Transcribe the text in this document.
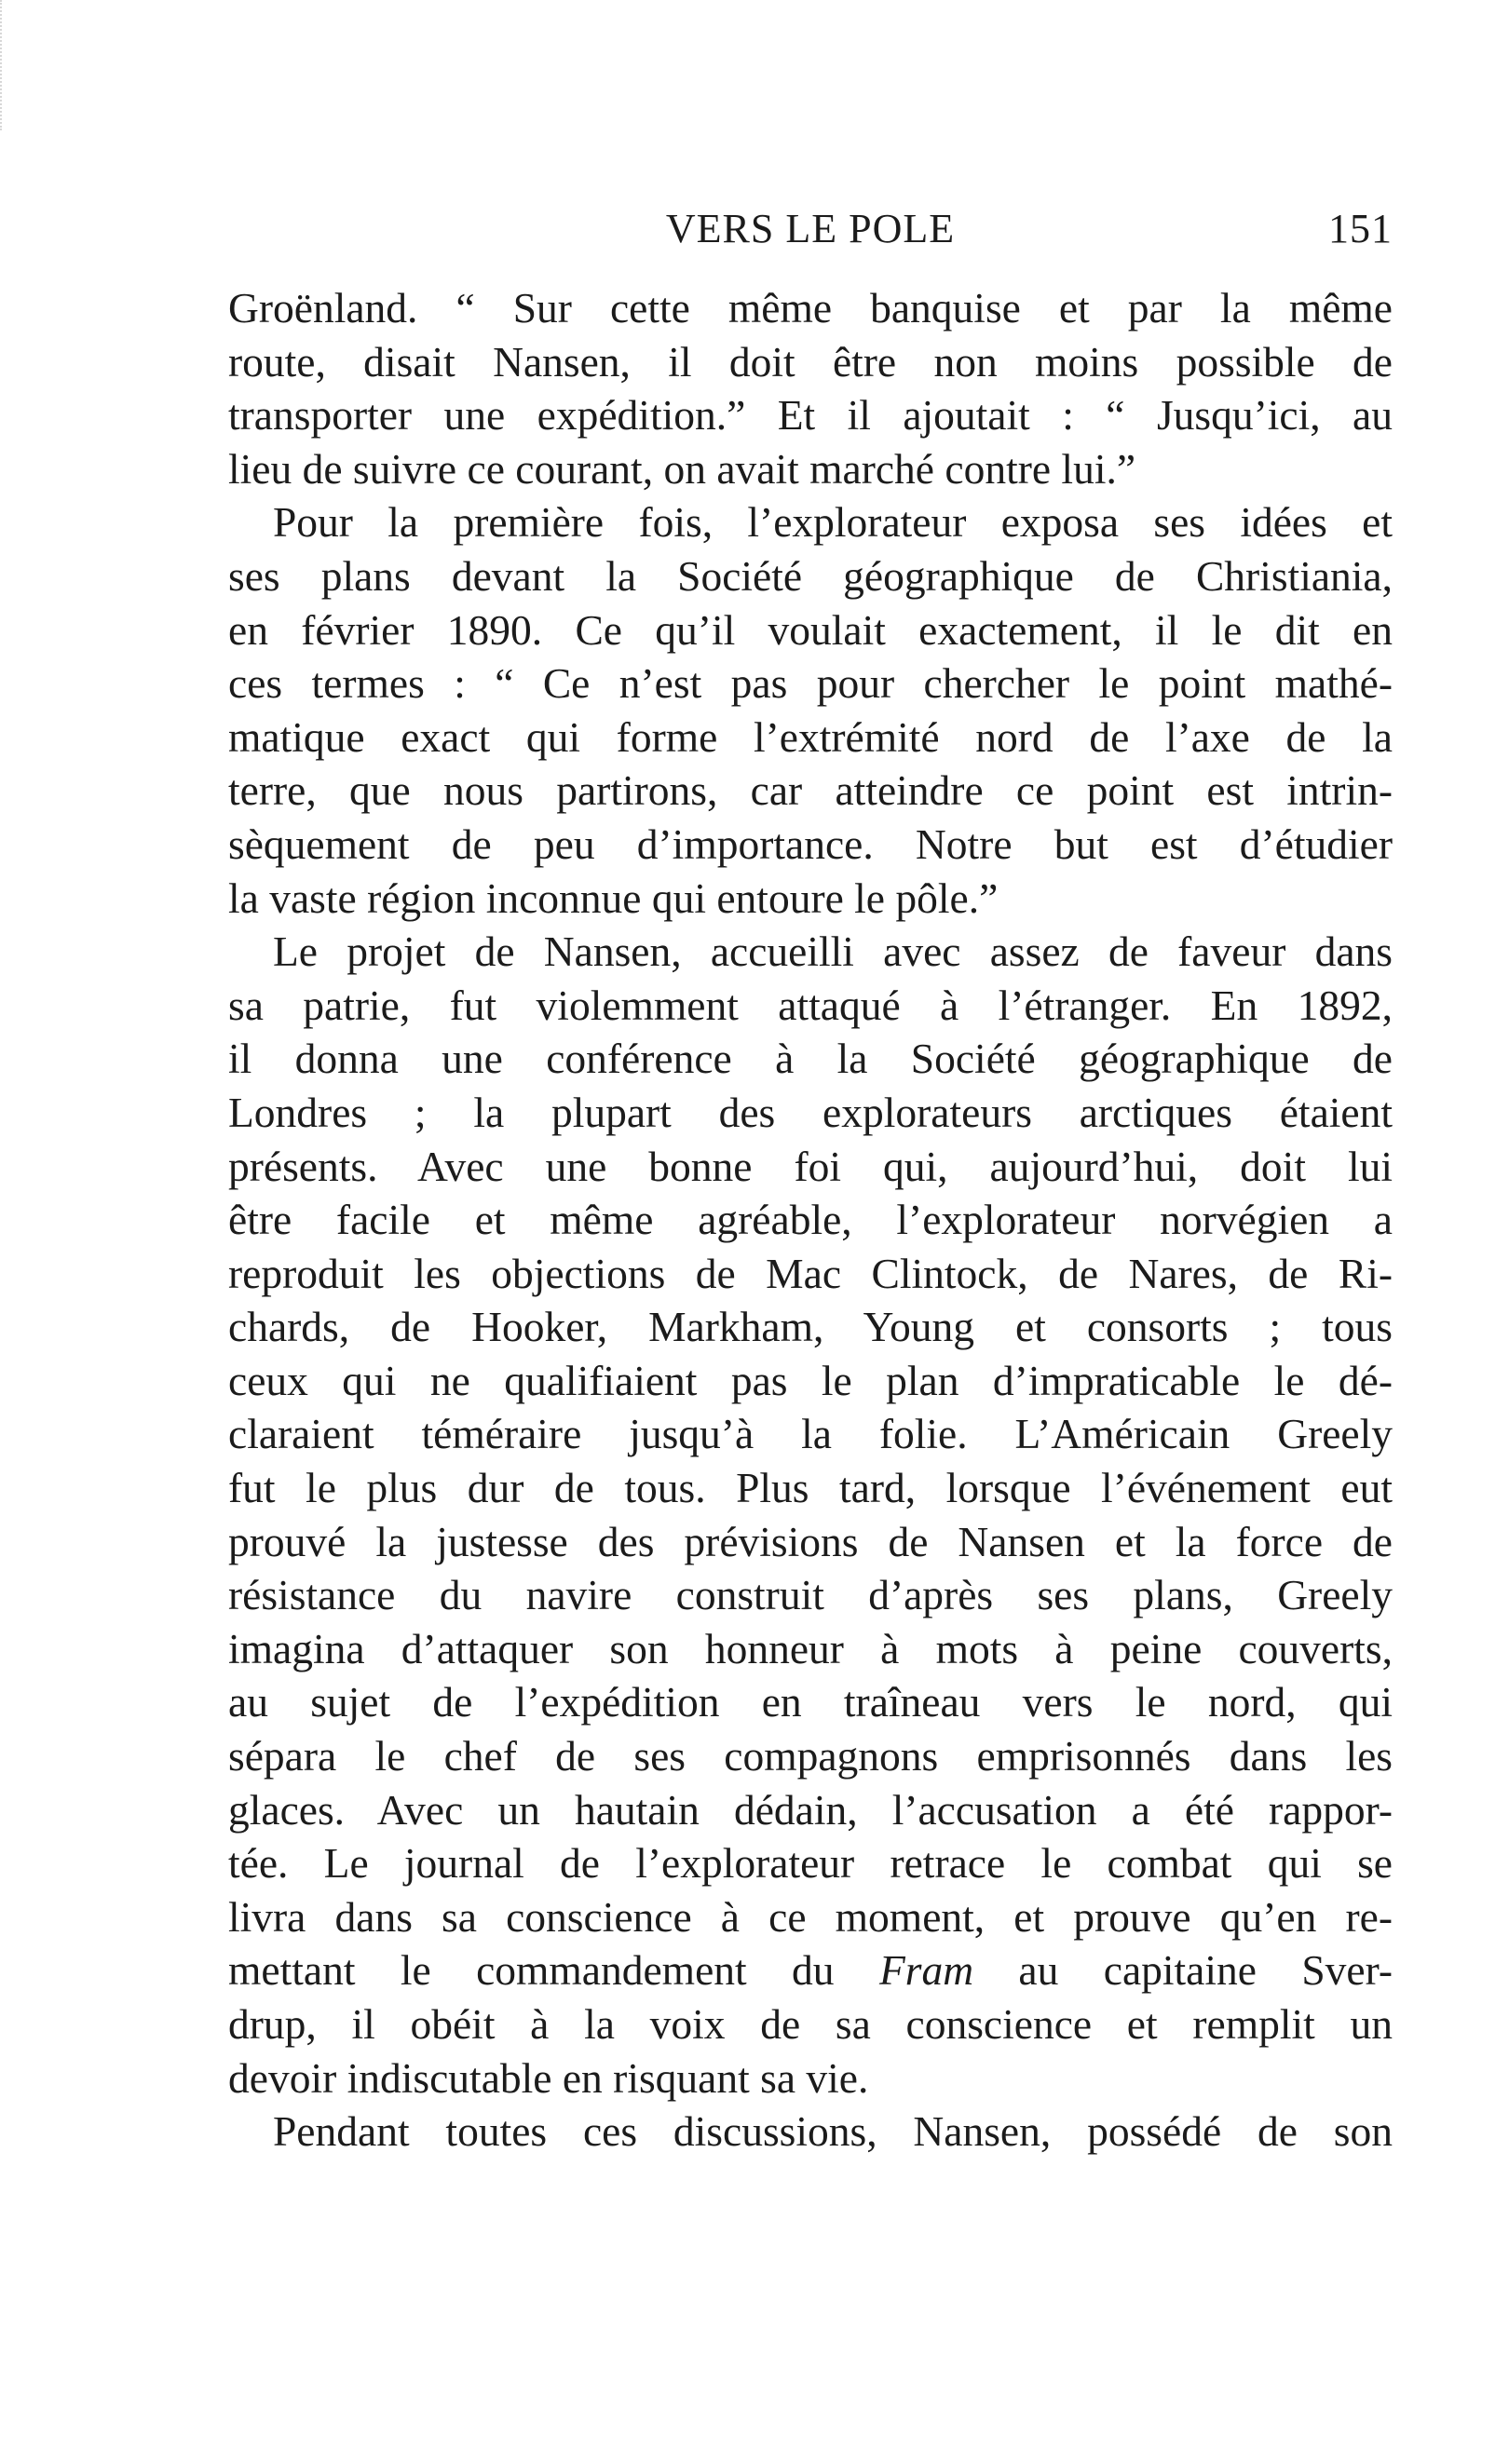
VERS LE POLE	151
Groënland. “ Sur cette même banquise et par la même
route, disait Nansen, il doit être non moins possible de
transporter une expédition.” Et il ajoutait : “ Jusqu’ici, au
lieu de suivre ce courant, on avait marché contre lui.”
Pour la première fois, l’explorateur exposa ses idées et
ses plans devant la Société géographique de Christiania,
en février 1890. Ce qu’il voulait exactement, il le dit en
ces termes : “ Ce n’est pas pour chercher le point mathé-
matique exact qui forme l’extrémité nord de l’axe de la
terre, que nous partirons, car atteindre ce point est intrin-
sèquement de peu d’importance. Notre but est d’étudier
la vaste région inconnue qui entoure le pôle.”
Le projet de Nansen, accueilli avec assez de faveur dans
sa patrie, fut violemment attaqué à l’étranger. En 1892,
il donna une conférence à la Société géographique de
Londres ; la plupart des explorateurs arctiques étaient
présents. Avec une bonne foi qui, aujourd’hui, doit lui
être facile et même agréable, l’explorateur norvégien a
reproduit les objections de Mac Clintock, de Nares, de Ri-
chards, de Hooker, Markham, Young et consorts ; tous
ceux qui ne qualifiaient pas le plan d’impraticable le dé-
claraient téméraire jusqu’à la folie. L’Américain Greely
fut le plus dur de tous. Plus tard, lorsque l’événement eut
prouvé la justesse des prévisions de Nansen et la force de
résistance du navire construit d’après ses plans, Greely
imagina d’attaquer son honneur à mots à peine couverts,
au sujet de l’expédition en traîneau vers le nord, qui
sépara le chef de ses compagnons emprisonnés dans les
glaces. Avec un hautain dédain, l’accusation a été rappor-
tée. Le journal de l’explorateur retrace le combat qui se
livra dans sa conscience à ce moment, et prouve qu’en re-
mettant le commandement du Fram au capitaine Sver-
drup, il obéit à la voix de sa conscience et remplit un
devoir indiscutable en risquant sa vie.
Pendant toutes ces discussions, Nansen, possédé de son
